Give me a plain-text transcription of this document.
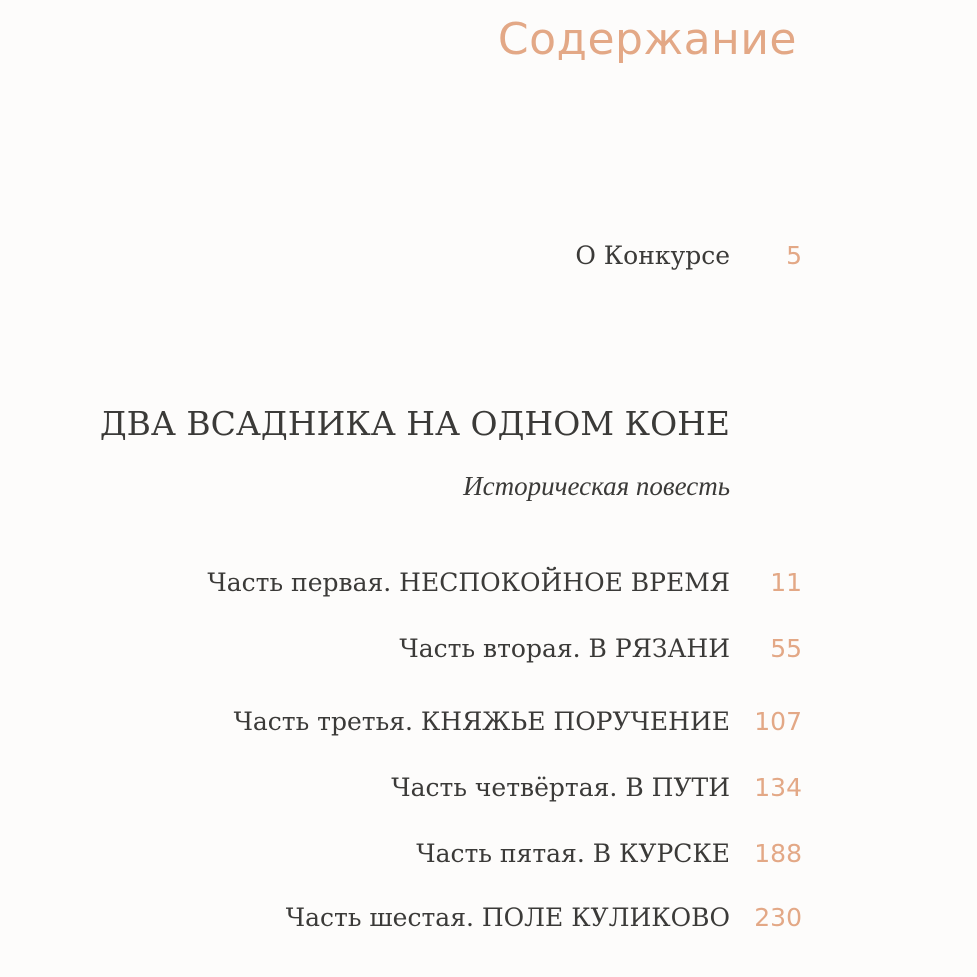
Содержание
О Конкурсе	5
ДВА ВСАДНИКА НА ОДНОМ КОНЕ
Историческая повесть
Часть первая. НЕСПОКОЙНОЕ ВРЕМЯ	11
Часть вторая. В РЯЗАНИ	55
Часть третья. КНЯЖЬЕ ПОРУЧЕНИЕ 107
Часть четвёртая. В ПУТИ 134
Часть пятая. В КУРСКЕ 188
Часть шестая. ПОЛЕ КУЛИКОВО 230
